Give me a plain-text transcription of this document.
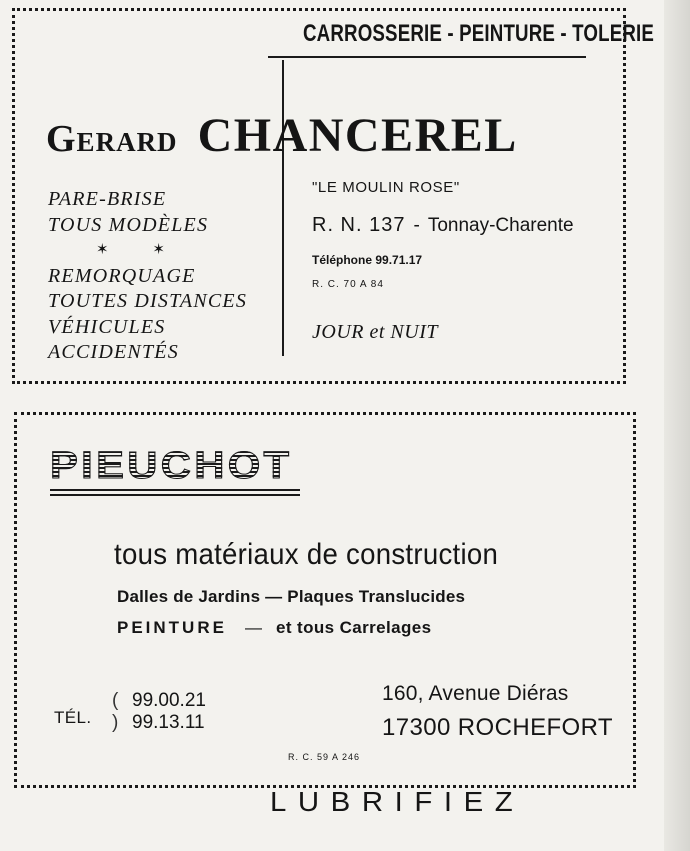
CARROSSERIE - PEINTURE - TOLERIE
Gerard CHANCEREL
PARE-BRISE
TOUS MODÈLES
✶ ✶
REMORQUAGE
TOUTES DISTANCES
VÉHICULES
ACCIDENTÉS
"LE MOULIN ROSE"
R. N. 137 - Tonnay-Charente
Téléphone 99.71.17
R. C. 70 A 84
JOUR et NUIT
PIEUCHOT
tous matériaux de construction
Dalles de Jardins — Plaques Translucides
PEINTURE — et tous Carrelages
TÉL.
(
)
99.00.21
99.13.11
160, Avenue Diéras
17300 ROCHEFORT
R. C. 59 A 246
LUBRIFIEZ
